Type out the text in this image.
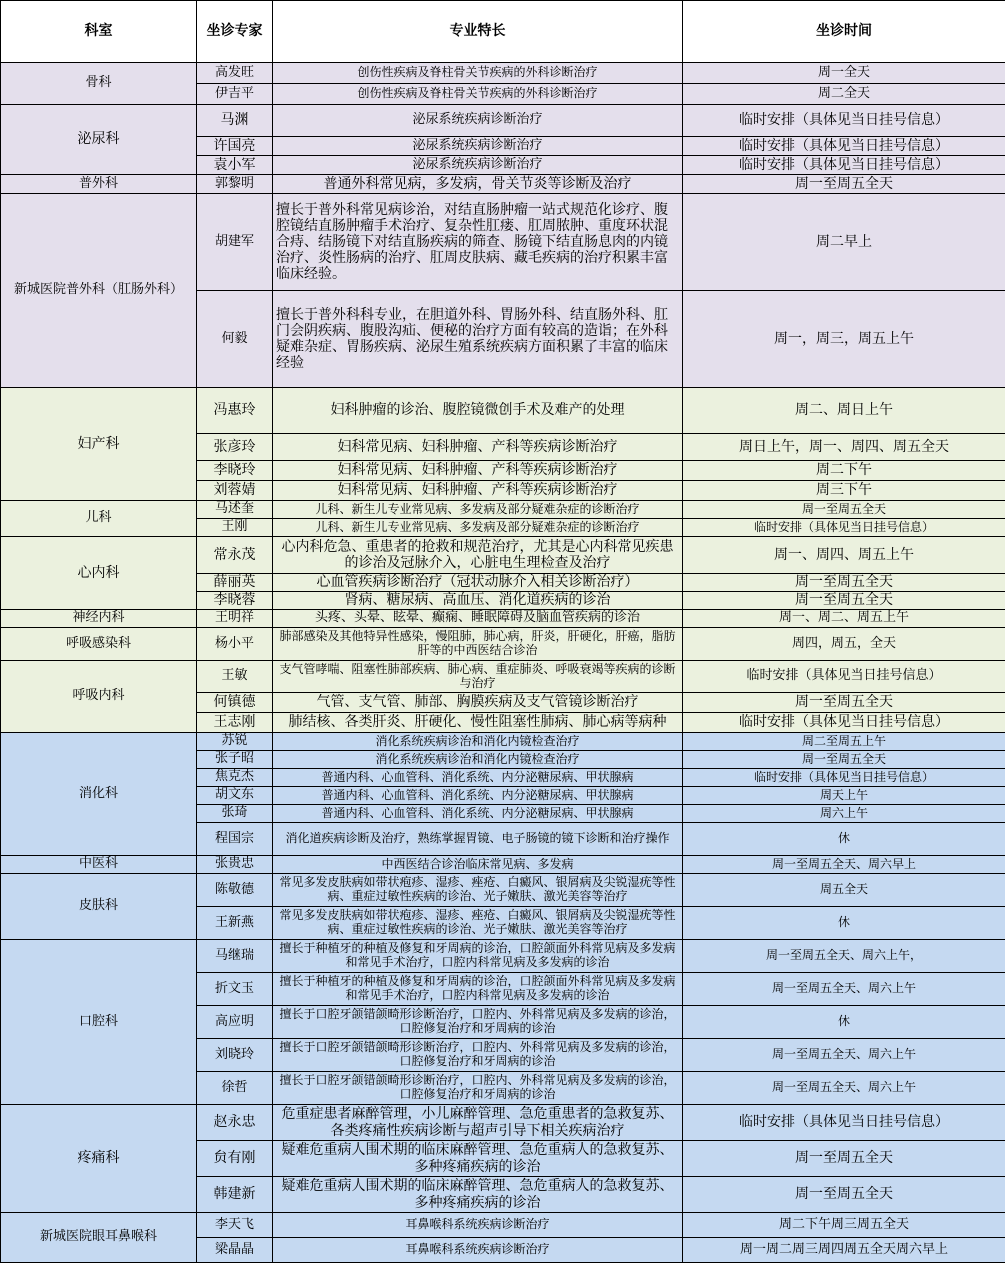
科室	坐诊专家	专业特长	坐诊时间
骨科	高发旺	创伤性疾病及脊柱骨关节疾病的外科诊断治疗	周一全天
	伊吉平	创伤性疾病及脊柱骨关节疾病的外科诊断治疗	周二全天
泌尿科	马渊	泌尿系统疾病诊断治疗	临时安排（具体见当日挂号信息）
	许国亮	泌尿系统疾病诊断治疗	临时安排（具体见当日挂号信息）
	袁小军	泌尿系统疾病诊断治疗	临时安排（具体见当日挂号信息）
普外科	郭黎明	普通外科常见病，多发病，骨关节炎等诊断及治疗	周一至周五全天
新城医院普外科（肛肠外科）	胡建军	擅长于普外科常见病诊治，对结直肠肿瘤一站式规范化诊疗、腹腔镜结直肠肿瘤手术治疗、复杂性肛瘘、肛周脓肿、重度环状混合痔、结肠镜下对结直肠疾病的筛查、肠镜下结直肠息肉的内镜治疗、炎性肠病的治疗、肛周皮肤病、藏毛疾病的治疗积累丰富临床经验。	周二早上
	何毅	擅长于普外科科专业，在胆道外科、胃肠外科、结直肠外科、肛门会阴疾病、腹股沟疝、便秘的治疗方面有较高的造诣；在外科疑难杂症、胃肠疾病、泌尿生殖系统疾病方面积累了丰富的临床经验	周一，周三，周五上午
妇产科	冯惠玲	妇科肿瘤的诊治、腹腔镜微创手术及难产的处理	周二、周日上午
	张彦玲	妇科常见病、妇科肿瘤、产科等疾病诊断治疗	周日上午，周一、周四、周五全天
	李晓玲	妇科常见病、妇科肿瘤、产科等疾病诊断治疗	周二下午
	刘蓉婧	妇科常见病、妇科肿瘤、产科等疾病诊断治疗	周三下午
儿科	马述奎	儿科、新生儿专业常见病、多发病及部分疑难杂症的诊断治疗	周一至周五全天
	王刚	儿科、新生儿专业常见病、多发病及部分疑难杂症的诊断治疗	临时安排（具体见当日挂号信息）
心内科	常永茂	心内科危急、重患者的抢救和规范治疗，尤其是心内科常见疾患的诊治及冠脉介入，心脏电生理检查及治疗	周一、周四、周五上午
	薛丽英	心血管疾病诊断治疗（冠状动脉介入相关诊断治疗）	周一至周五全天
	李晓蓉	肾病、糖尿病、高血压、消化道疾病的诊治	周一至周五全天
神经内科	王明祥	头疼、头晕、眩晕、癫痫、睡眠障碍及脑血管疾病的诊治	周一、周二、周五上午
呼吸感染科	杨小平	肺部感染及其他特异性感染，慢阻肺，肺心病，肝炎，肝硬化，肝癌，脂肪肝等的中西医结合诊治	周四，周五，全天
呼吸内科	王敏	支气管哮喘、阻塞性肺部疾病、肺心病、重症肺炎、呼吸衰竭等疾病的诊断与治疗	临时安排（具体见当日挂号信息）
	何镇德	气管、支气管、肺部、胸膜疾病及支气管镜诊断治疗	周一至周五全天
	王志刚	肺结核、各类肝炎、肝硬化、慢性阻塞性肺病、肺心病等病种	临时安排（具体见当日挂号信息）
消化科	苏锐	消化系统疾病诊治和消化内镜检查治疗	周二至周五上午
	张子昭	消化系统疾病诊治和消化内镜检查治疗	周一至周五全天
	焦克杰	普通内科、心血管科、消化系统、内分泌糖尿病、甲状腺病	临时安排（具体见当日挂号信息）
	胡文东	普通内科、心血管科、消化系统、内分泌糖尿病、甲状腺病	周天上午
	张琦	普通内科、心血管科、消化系统、内分泌糖尿病、甲状腺病	周六上午
	程国宗	消化道疾病诊断及治疗，熟练掌握胃镜、电子肠镜的镜下诊断和治疗操作	休
中医科	张贵忠	中西医结合诊治临床常见病、多发病	周一至周五全天、周六早上
皮肤科	陈敬德	常见多发皮肤病如带状疱疹、湿疹、痤疮、白癜风、银屑病及尖锐湿疣等性病、重症过敏性疾病的诊治、光子嫩肤、激光美容等治疗	周五全天
	王新燕	常见多发皮肤病如带状疱疹、湿疹、痤疮、白癜风、银屑病及尖锐湿疣等性病、重症过敏性疾病的诊治、光子嫩肤、激光美容等治疗	休
口腔科	马继瑞	擅长于种植牙的种植及修复和牙周病的诊治，口腔颌面外科常见病及多发病和常见手术治疗，口腔内科常见病及多发病的诊治	周一至周五全天、周六上午，
	折文玉	擅长于种植牙的种植及修复和牙周病的诊治，口腔颌面外科常见病及多发病和常见手术治疗，口腔内科常见病及多发病的诊治	周一至周五全天、周六上午
	高应明	擅长于口腔牙颌错颌畸形诊断治疗，口腔内、外科常见病及多发病的诊治，口腔修复治疗和牙周病的诊治	休
	刘晓玲	擅长于口腔牙颌错颌畸形诊断治疗，口腔内、外科常见病及多发病的诊治，口腔修复治疗和牙周病的诊治	周一至周五全天、周六上午
	徐哲	擅长于口腔牙颌错颌畸形诊断治疗，口腔内、外科常见病及多发病的诊治，口腔修复治疗和牙周病的诊治	周一至周五全天、周六上午
疼痛科	赵永忠	危重症患者麻醉管理，小儿麻醉管理、急危重患者的急救复苏、各类疼痛性疾病诊断与超声引导下相关疾病治疗	临时安排（具体见当日挂号信息）
	贠有刚	疑难危重病人围术期的临床麻醉管理、急危重病人的急救复苏、多种疼痛疾病的诊治	周一至周五全天
	韩建新	疑难危重病人围术期的临床麻醉管理、急危重病人的急救复苏、多种疼痛疾病的诊治	周一至周五全天
新城医院眼耳鼻喉科	李天飞	耳鼻喉科系统疾病诊断治疗	周二下午周三周五全天
	梁晶晶	耳鼻喉科系统疾病诊断治疗	周一周二周三周四周五全天周六早上
